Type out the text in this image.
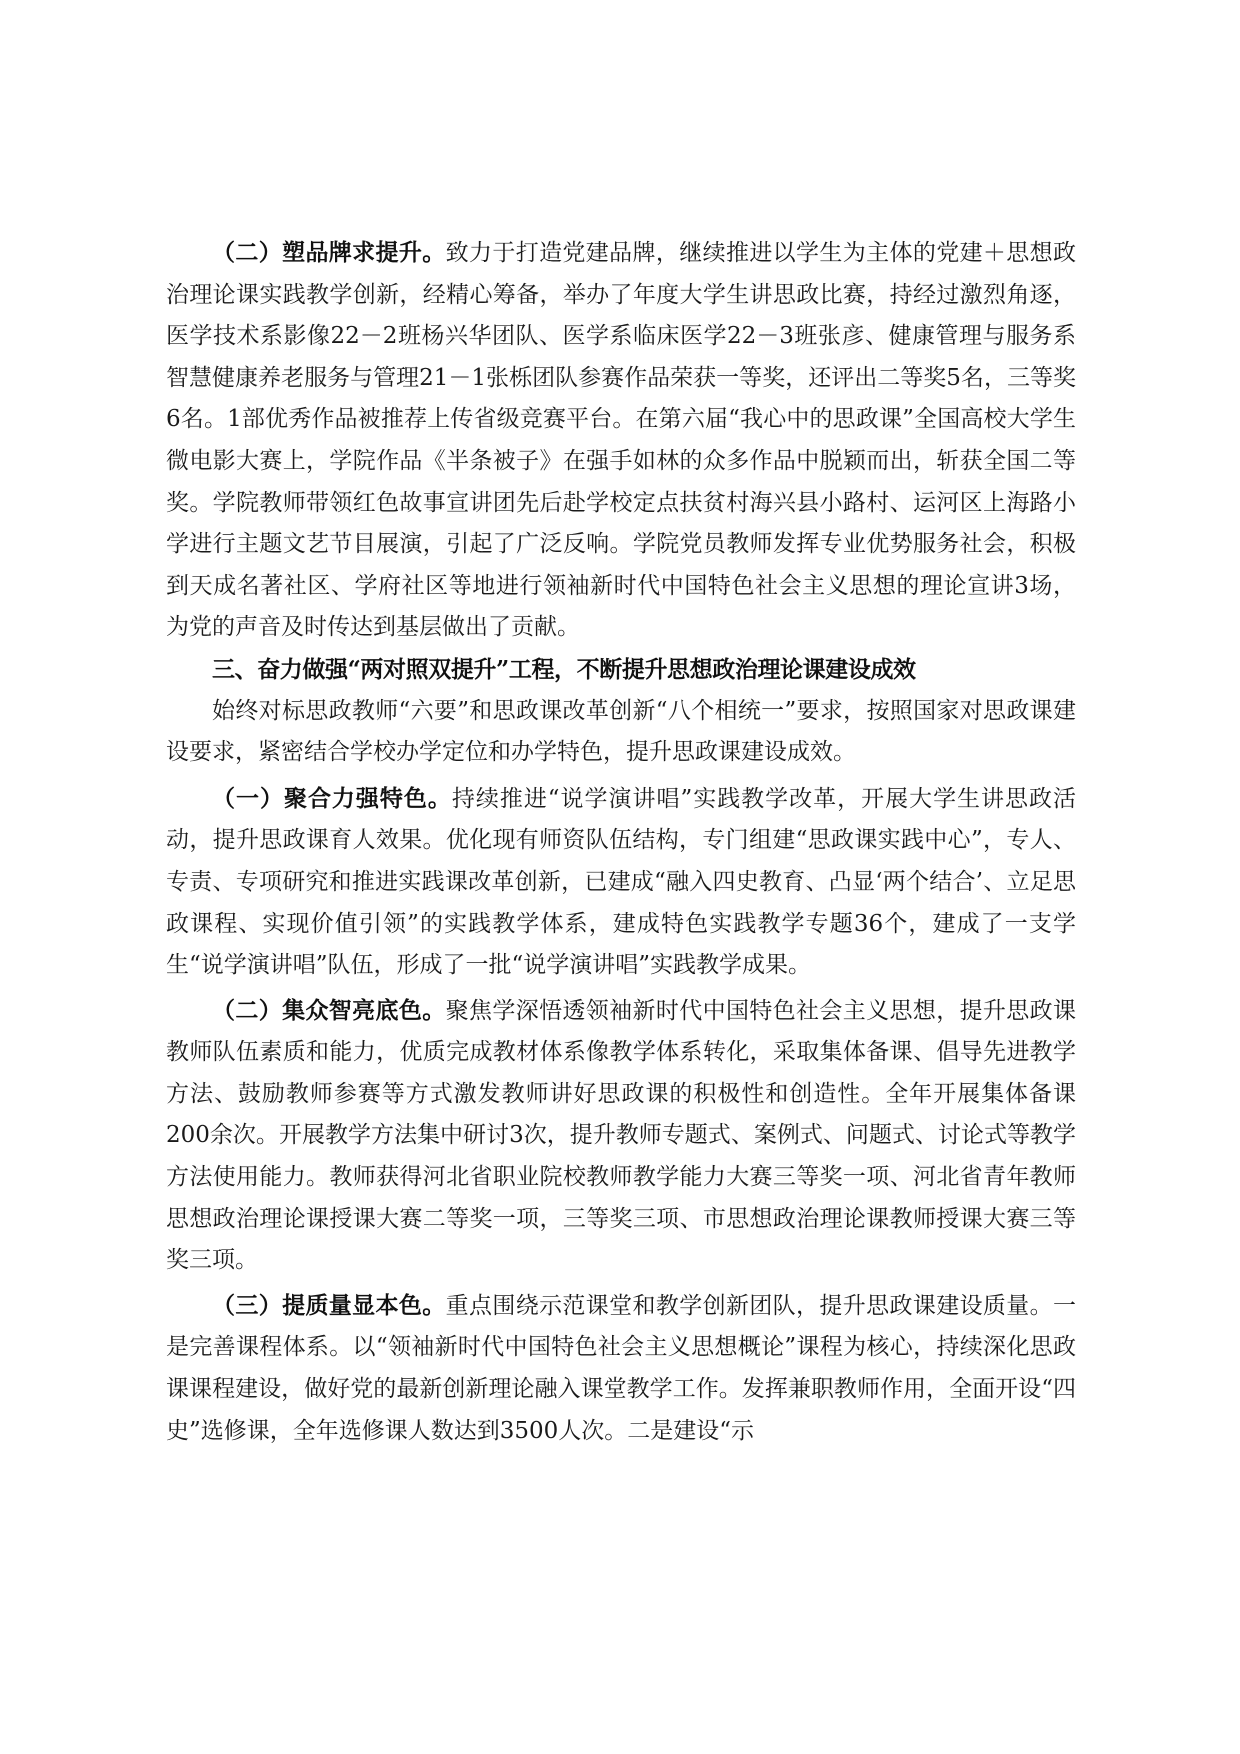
（二）塑品牌求提升。致力于打造党建品牌，继续推进以学生为主体的党建＋思想政治理论课实践教学创新，经精心筹备，举办了年度大学生讲思政比赛，持经过激烈角逐，医学技术系影像22－2班杨兴华团队、医学系临床医学22－3班张彦、健康管理与服务系智慧健康养老服务与管理21－1张栎团队参赛作品荣获一等奖，还评出二等奖5名，三等奖6名。1部优秀作品被推荐上传省级竞赛平台。在第六届“我心中的思政课”全国高校大学生微电影大赛上，学院作品《半条被子》在强手如林的众多作品中脱颖而出，斩获全国二等奖。学院教师带领红色故事宣讲团先后赴学校定点扶贫村海兴县小路村、运河区上海路小学进行主题文艺节目展演，引起了广泛反响。学院党员教师发挥专业优势服务社会，积极到天成名著社区、学府社区等地进行领袖新时代中国特色社会主义思想的理论宣讲3场，为党的声音及时传达到基层做出了贡献。

三、奋力做强“两对照双提升”工程，不断提升思想政治理论课建设成效

始终对标思政教师“六要”和思政课改革创新“八个相统一”要求，按照国家对思政课建设要求，紧密结合学校办学定位和办学特色，提升思政课建设成效。

（一）聚合力强特色。持续推进“说学演讲唱”实践教学改革，开展大学生讲思政活动，提升思政课育人效果。优化现有师资队伍结构，专门组建“思政课实践中心”，专人、专责、专项研究和推进实践课改革创新，已建成“融入四史教育、凸显‘两个结合’、立足思政课程、实现价值引领”的实践教学体系，建成特色实践教学专题36个，建成了一支学生“说学演讲唱”队伍，形成了一批“说学演讲唱”实践教学成果。

（二）集众智亮底色。聚焦学深悟透领袖新时代中国特色社会主义思想，提升思政课教师队伍素质和能力，优质完成教材体系像教学体系转化，采取集体备课、倡导先进教学方法、鼓励教师参赛等方式激发教师讲好思政课的积极性和创造性。全年开展集体备课200余次。开展教学方法集中研讨3次，提升教师专题式、案例式、问题式、讨论式等教学方法使用能力。教师获得河北省职业院校教师教学能力大赛三等奖一项、河北省青年教师思想政治理论课授课大赛二等奖一项，三等奖三项、市思想政治理论课教师授课大赛三等奖三项。

（三）提质量显本色。重点围绕示范课堂和教学创新团队，提升思政课建设质量。一是完善课程体系。以“领袖新时代中国特色社会主义思想概论”课程为核心，持续深化思政课课程建设，做好党的最新创新理论融入课堂教学工作。发挥兼职教师作用，全面开设“四史”选修课，全年选修课人数达到3500人次。二是建设“示
